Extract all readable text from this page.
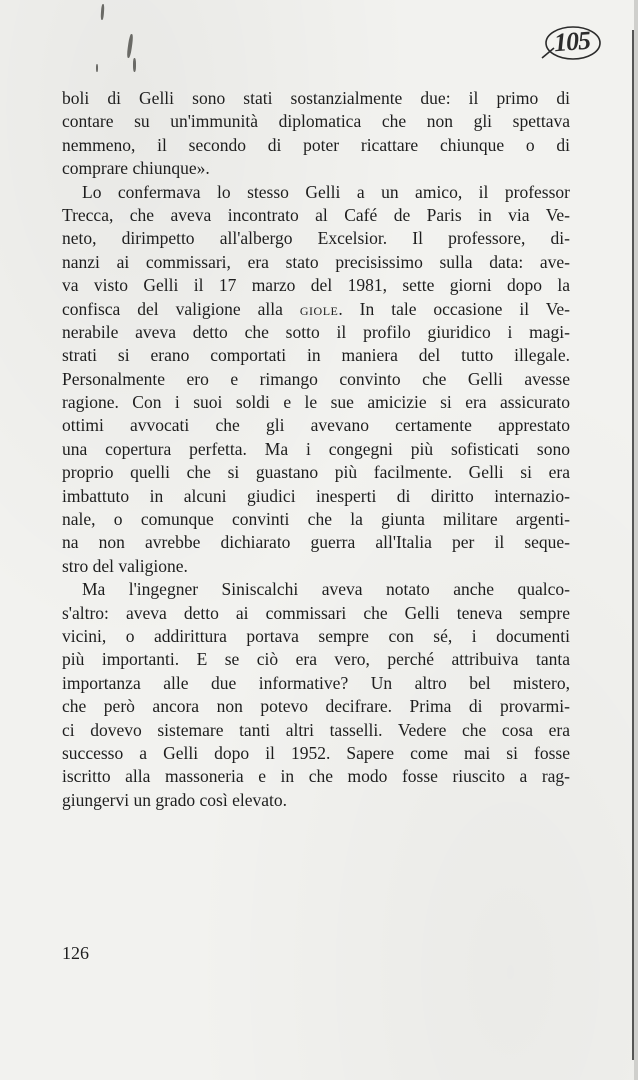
105
boli di Gelli sono stati sostanzialmente due: il primo di
contare su un'immunità diplomatica che non gli spettava
nemmeno, il secondo di poter ricattare chiunque o di
comprare chiunque».
Lo confermava lo stesso Gelli a un amico, il professor
Trecca, che aveva incontrato al Café de Paris in via Ve-
neto, dirimpetto all'albergo Excelsior. Il professore, di-
nanzi ai commissari, era stato precisissimo sulla data: ave-
va visto Gelli il 17 marzo del 1981, sette giorni dopo la
confisca del valigione alla giole. In tale occasione il Ve-
nerabile aveva detto che sotto il profilo giuridico i magi-
strati si erano comportati in maniera del tutto illegale.
Personalmente ero e rimango convinto che Gelli avesse
ragione. Con i suoi soldi e le sue amicizie si era assicurato
ottimi avvocati che gli avevano certamente apprestato
una copertura perfetta. Ma i congegni più sofisticati sono
proprio quelli che si guastano più facilmente. Gelli si era
imbattuto in alcuni giudici inesperti di diritto internazio-
nale, o comunque convinti che la giunta militare argenti-
na non avrebbe dichiarato guerra all'Italia per il seque-
stro del valigione.
Ma l'ingegner Siniscalchi aveva notato anche qualco-
s'altro: aveva detto ai commissari che Gelli teneva sempre
vicini, o addirittura portava sempre con sé, i documenti
più importanti. E se ciò era vero, perché attribuiva tanta
importanza alle due informative? Un altro bel mistero,
che però ancora non potevo decifrare. Prima di provarmi-
ci dovevo sistemare tanti altri tasselli. Vedere che cosa era
successo a Gelli dopo il 1952. Sapere come mai si fosse
iscritto alla massoneria e in che modo fosse riuscito a rag-
giungervi un grado così elevato.
126
